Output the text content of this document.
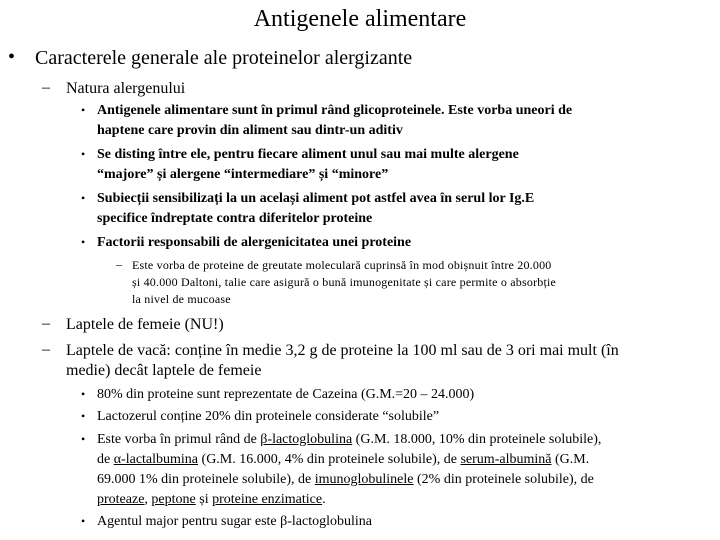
Antigenele alimentare
• Caracterele generale ale proteinelor alergizante
– Natura alergenului
• Antigenele alimentare sunt în primul rând glicoproteinele. Este vorba uneori de
haptene care provin din aliment sau dintr-un aditiv
• Se disting între ele, pentru fiecare aliment unul sau mai multe alergene
“majore” și alergene “intermediare” și “minore”
• Subiecții sensibilizați la un același aliment pot astfel avea în serul lor Ig.E
specifice îndreptate contra diferitelor proteine
• Factorii responsabili de alergenicitatea unei proteine
– Este vorba de proteine de greutate moleculară cuprinsă în mod obișnuit între 20.000
și 40.000 Daltoni, talie care asigură o bună imunogenitate și care permite o absorbție
la nivel de mucoase
– Laptele de femeie (NU!)
– Laptele de vacă: conține în medie 3,2 g de proteine la 100 ml sau de 3 ori mai mult (în
medie) decât laptele de femeie
• 80% din proteine sunt reprezentate de Cazeina (G.M.=20 – 24.000)
• Lactozerul conține 20% din proteinele considerate “solubile”
• Este vorba în primul rând de β-lactoglobulina (G.M. 18.000, 10% din proteinele solubile),
de α-lactalbumina (G.M. 16.000, 4% din proteinele solubile), de serum-albumină (G.M.
69.000 1% din proteinele solubile), de imunoglobulinele (2% din proteinele solubile), de
proteaze, peptone și proteine enzimatice.
• Agentul major pentru sugar este β-lactoglobulina
